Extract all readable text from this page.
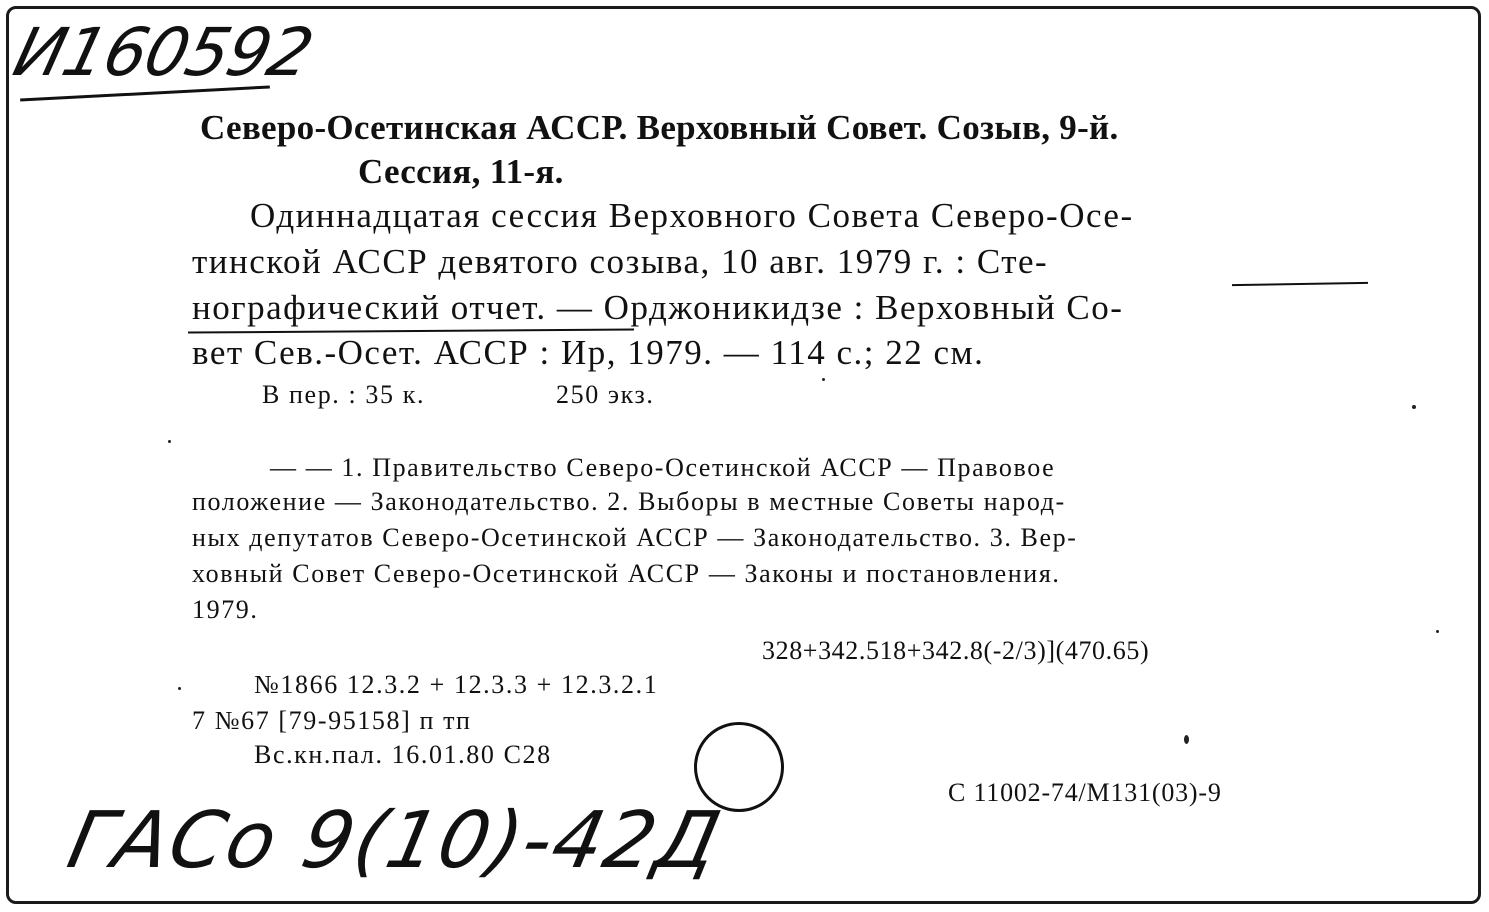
И160592
Северо-Осетинская АССР. Верховный Совет. Созыв, 9-й.
Сессия, 11-я.
Одиннадцатая сессия Верховного Совета Северо-Осе-
тинской АССР девятого созыва, 10 авг. 1979 г. : Сте-
нографический отчет. — Орджоникидзе : Верховный Со-
вет Сев.-Осет. АССР : Ир, 1979. — 114 с.; 22 см.
В пер. : 35 к.	250 экз.
— — 1. Правительство Северо-Осетинской АССР — Правовое
положение — Законодательство. 2. Выборы в местные Советы народ-
ных депутатов Северо-Осетинской АССР — Законодательство. 3. Вер-
ховный Совет Северо-Осетинской АССР — Законы и постановления.
1979.
328+342.518+342.8(-2/3)](470.65)
№1866 12.3.2 + 12.3.3 + 12.3.2.1
7 №67 [79-95158] п тп
Вс.кн.пал. 16.01.80 С28
С 11002-74/М131(03)-9
ГАСо 9(10)-42Д
